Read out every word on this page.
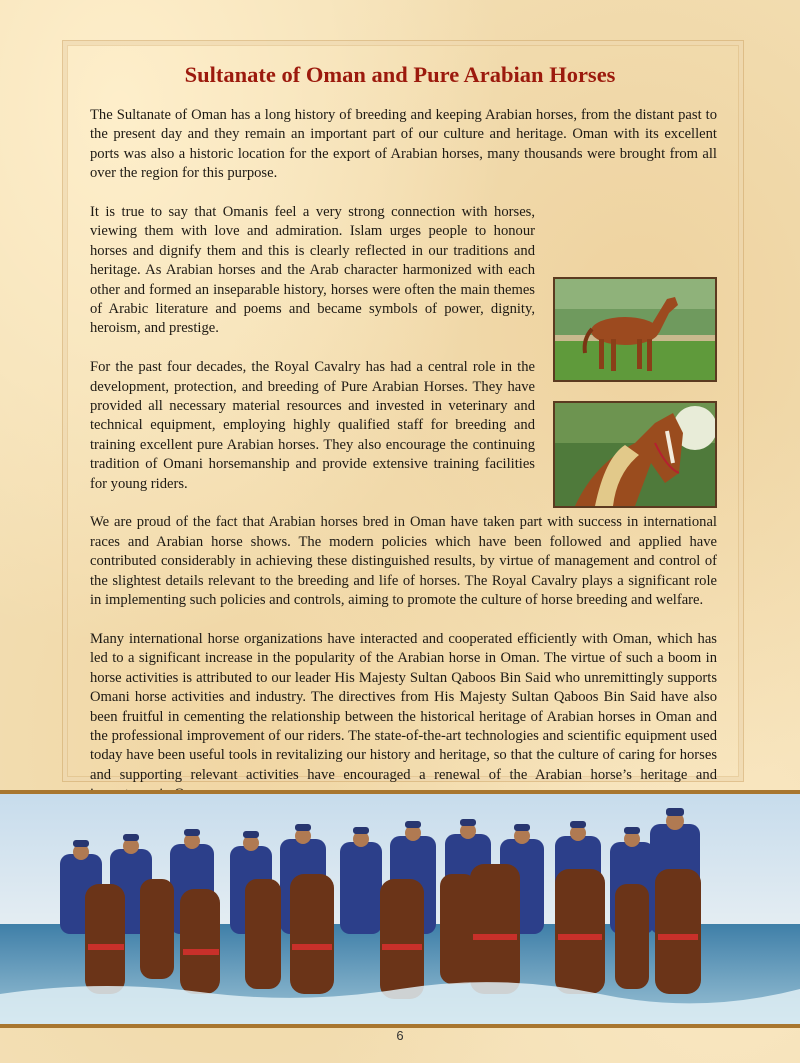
Sultanate of Oman and Pure Arabian Horses

The Sultanate of Oman has a long history of breeding and keeping Arabian horses, from the distant past to the present day and they remain an important part of our culture and heritage. Oman with its excellent ports was also a historic location for the export of Arabian horses, many thousands were brought from all over the region for this purpose.

It is true to say that Omanis feel a very strong connection with horses, viewing them with love and admiration. Islam urges people to honour horses and dignify them and this is clearly reflected in our traditions and heritage. As Arabian horses and the Arab character harmonized with each other and formed an inseparable history, horses were often the main themes of Arabic literature and poems and became symbols of power, dignity, heroism, and prestige.

For the past four decades, the Royal Cavalry has had a central role in the development, protection, and breeding of Pure Arabian Horses. They have provided all necessary material resources and invested in veterinary and technical equipment, employing highly qualified staff for breeding and training excellent pure Arabian horses. They also encourage the continuing tradition of Omani horsemanship and provide extensive training facilities for young riders.

We are proud of the fact that Arabian horses bred in Oman have taken part with success in international races and Arabian horse shows. The modern policies which have been followed and applied have contributed considerably in achieving these distinguished results, by virtue of management and control of the slightest details relevant to the breeding and life of horses. The Royal Cavalry plays a significant role in implementing such policies and controls, aiming to promote the culture of horse breeding and welfare.

Many international horse organizations have interacted and cooperated efficiently with Oman, which has led to a significant increase in the popularity of the Arabian horse in Oman. The virtue of such a boom in horse activities is attributed to our leader His Majesty Sultan Qaboos Bin Said who unremittingly supports Omani horse activities and industry. The directives from His Majesty Sultan Qaboos Bin Said have also been fruitful in cementing the relationship between the historical heritage of Arabian horses in Oman and the professional improvement of our riders. The state-of-the-art technologies and scientific equipment used today have been useful tools in revitalizing our history and heritage, so that the culture of caring for horses and supporting relevant activities have encouraged a renewal of the Arabian horse’s heritage and

6
